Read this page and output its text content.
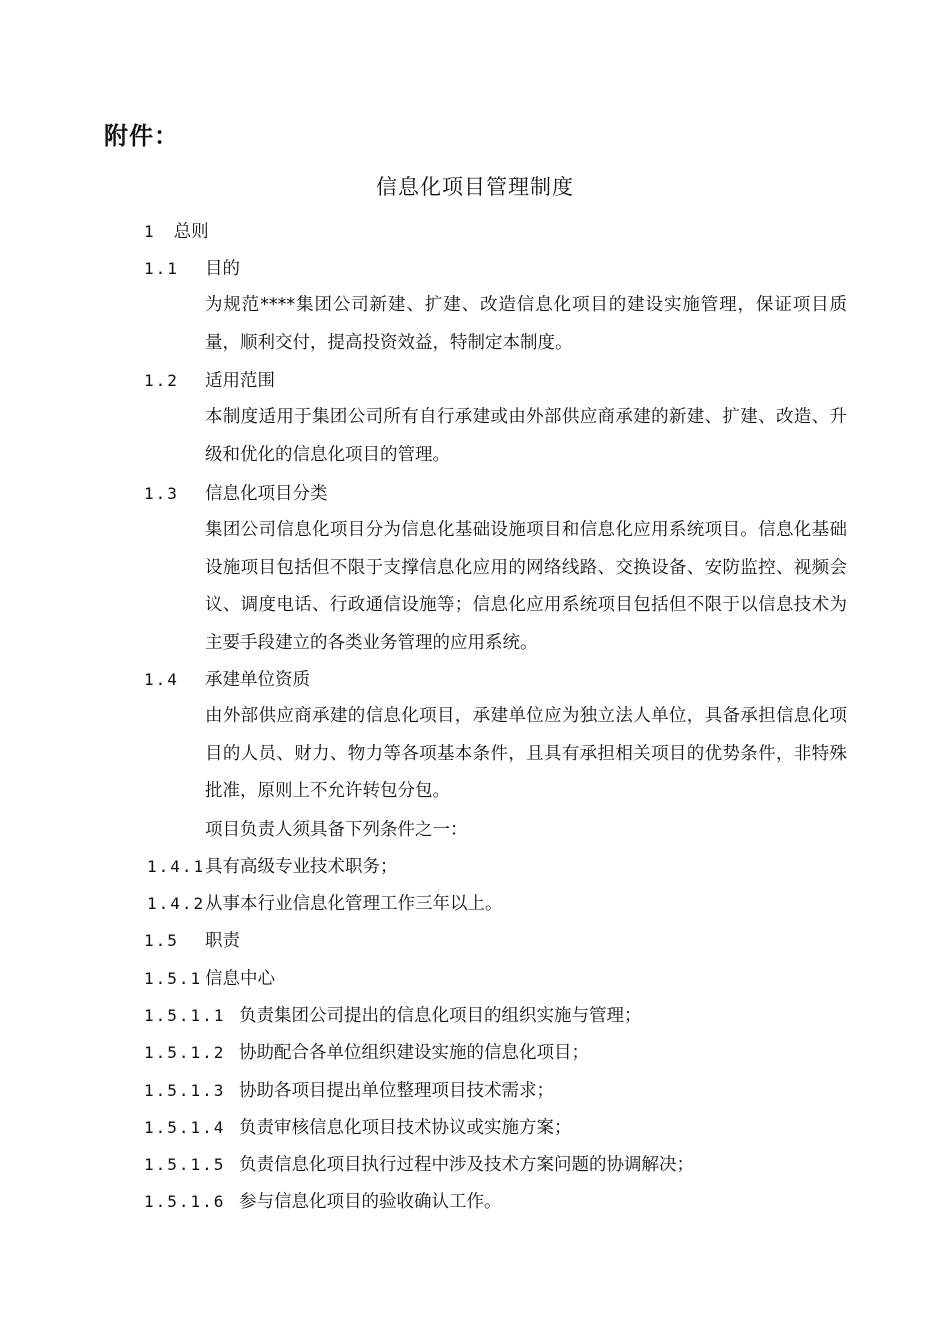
附件：
信息化项目管理制度
1 总则
1.1 目的
为规范****集团公司新建、扩建、改造信息化项目的建设实施管理，保证项目质量，顺利交付，提高投资效益，特制定本制度。
1.2 适用范围
本制度适用于集团公司所有自行承建或由外部供应商承建的新建、扩建、改造、升级和优化的信息化项目的管理。
1.3 信息化项目分类
集团公司信息化项目分为信息化基础设施项目和信息化应用系统项目。信息化基础设施项目包括但不限于支撑信息化应用的网络线路、交换设备、安防监控、视频会议、调度电话、行政通信设施等；信息化应用系统项目包括但不限于以信息技术为主要手段建立的各类业务管理的应用系统。
1.4 承建单位资质
由外部供应商承建的信息化项目，承建单位应为独立法人单位，具备承担信息化项目的人员、财力、物力等各项基本条件，且具有承担相关项目的优势条件，非特殊批准，原则上不允许转包分包。
项目负责人须具备下列条件之一：
1.4.1具有高级专业技术职务；
1.4.2从事本行业信息化管理工作三年以上。
1.5 职责
1.5.1 信息中心
1.5.1.1 负责集团公司提出的信息化项目的组织实施与管理；
1.5.1.2 协助配合各单位组织建设实施的信息化项目；
1.5.1.3 协助各项目提出单位整理项目技术需求；
1.5.1.4 负责审核信息化项目技术协议或实施方案；
1.5.1.5 负责信息化项目执行过程中涉及技术方案问题的协调解决；
1.5.1.6 参与信息化项目的验收确认工作。
